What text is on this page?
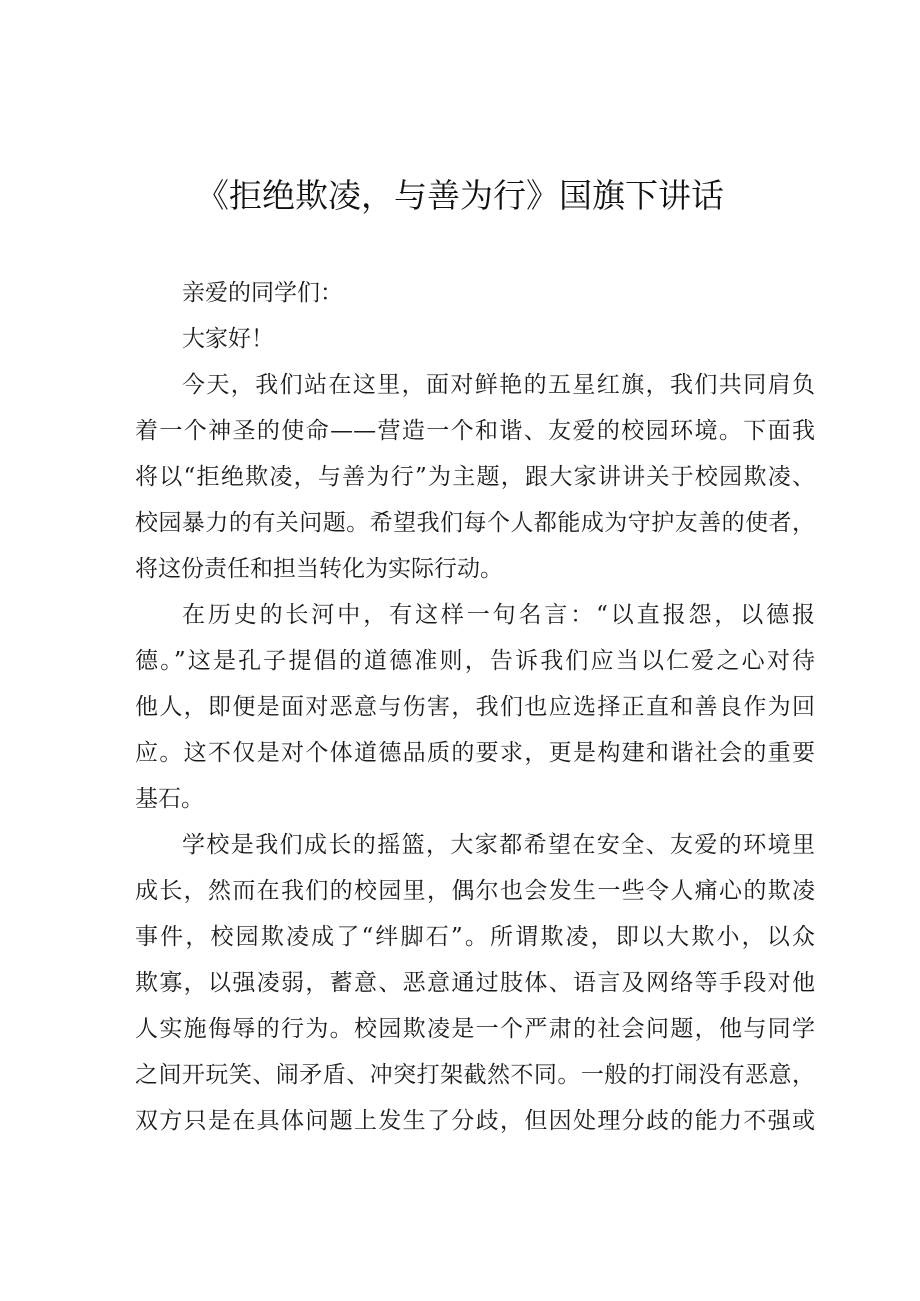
《拒绝欺凌，与善为行》国旗下讲话
亲爱的同学们：
大家好！
今天，我们站在这里，面对鲜艳的五星红旗，我们共同肩负
着一个神圣的使命——营造一个和谐、友爱的校园环境。下面我
将以“拒绝欺凌，与善为行”为主题，跟大家讲讲关于校园欺凌、
校园暴力的有关问题。希望我们每个人都能成为守护友善的使者，
将这份责任和担当转化为实际行动。
在历史的长河中，有这样一句名言：“以直报怨，以德报
德。”这是孔子提倡的道德准则，告诉我们应当以仁爱之心对待
他人，即便是面对恶意与伤害，我们也应选择正直和善良作为回
应。这不仅是对个体道德品质的要求，更是构建和谐社会的重要
基石。
学校是我们成长的摇篮，大家都希望在安全、友爱的环境里
成长，然而在我们的校园里，偶尔也会发生一些令人痛心的欺凌
事件，校园欺凌成了“绊脚石”。所谓欺凌，即以大欺小，以众
欺寡，以强凌弱，蓄意、恶意通过肢体、语言及网络等手段对他
人实施侮辱的行为。校园欺凌是一个严肃的社会问题，他与同学
之间开玩笑、闹矛盾、冲突打架截然不同。一般的打闹没有恶意，
双方只是在具体问题上发生了分歧，但因处理分歧的能力不强或
